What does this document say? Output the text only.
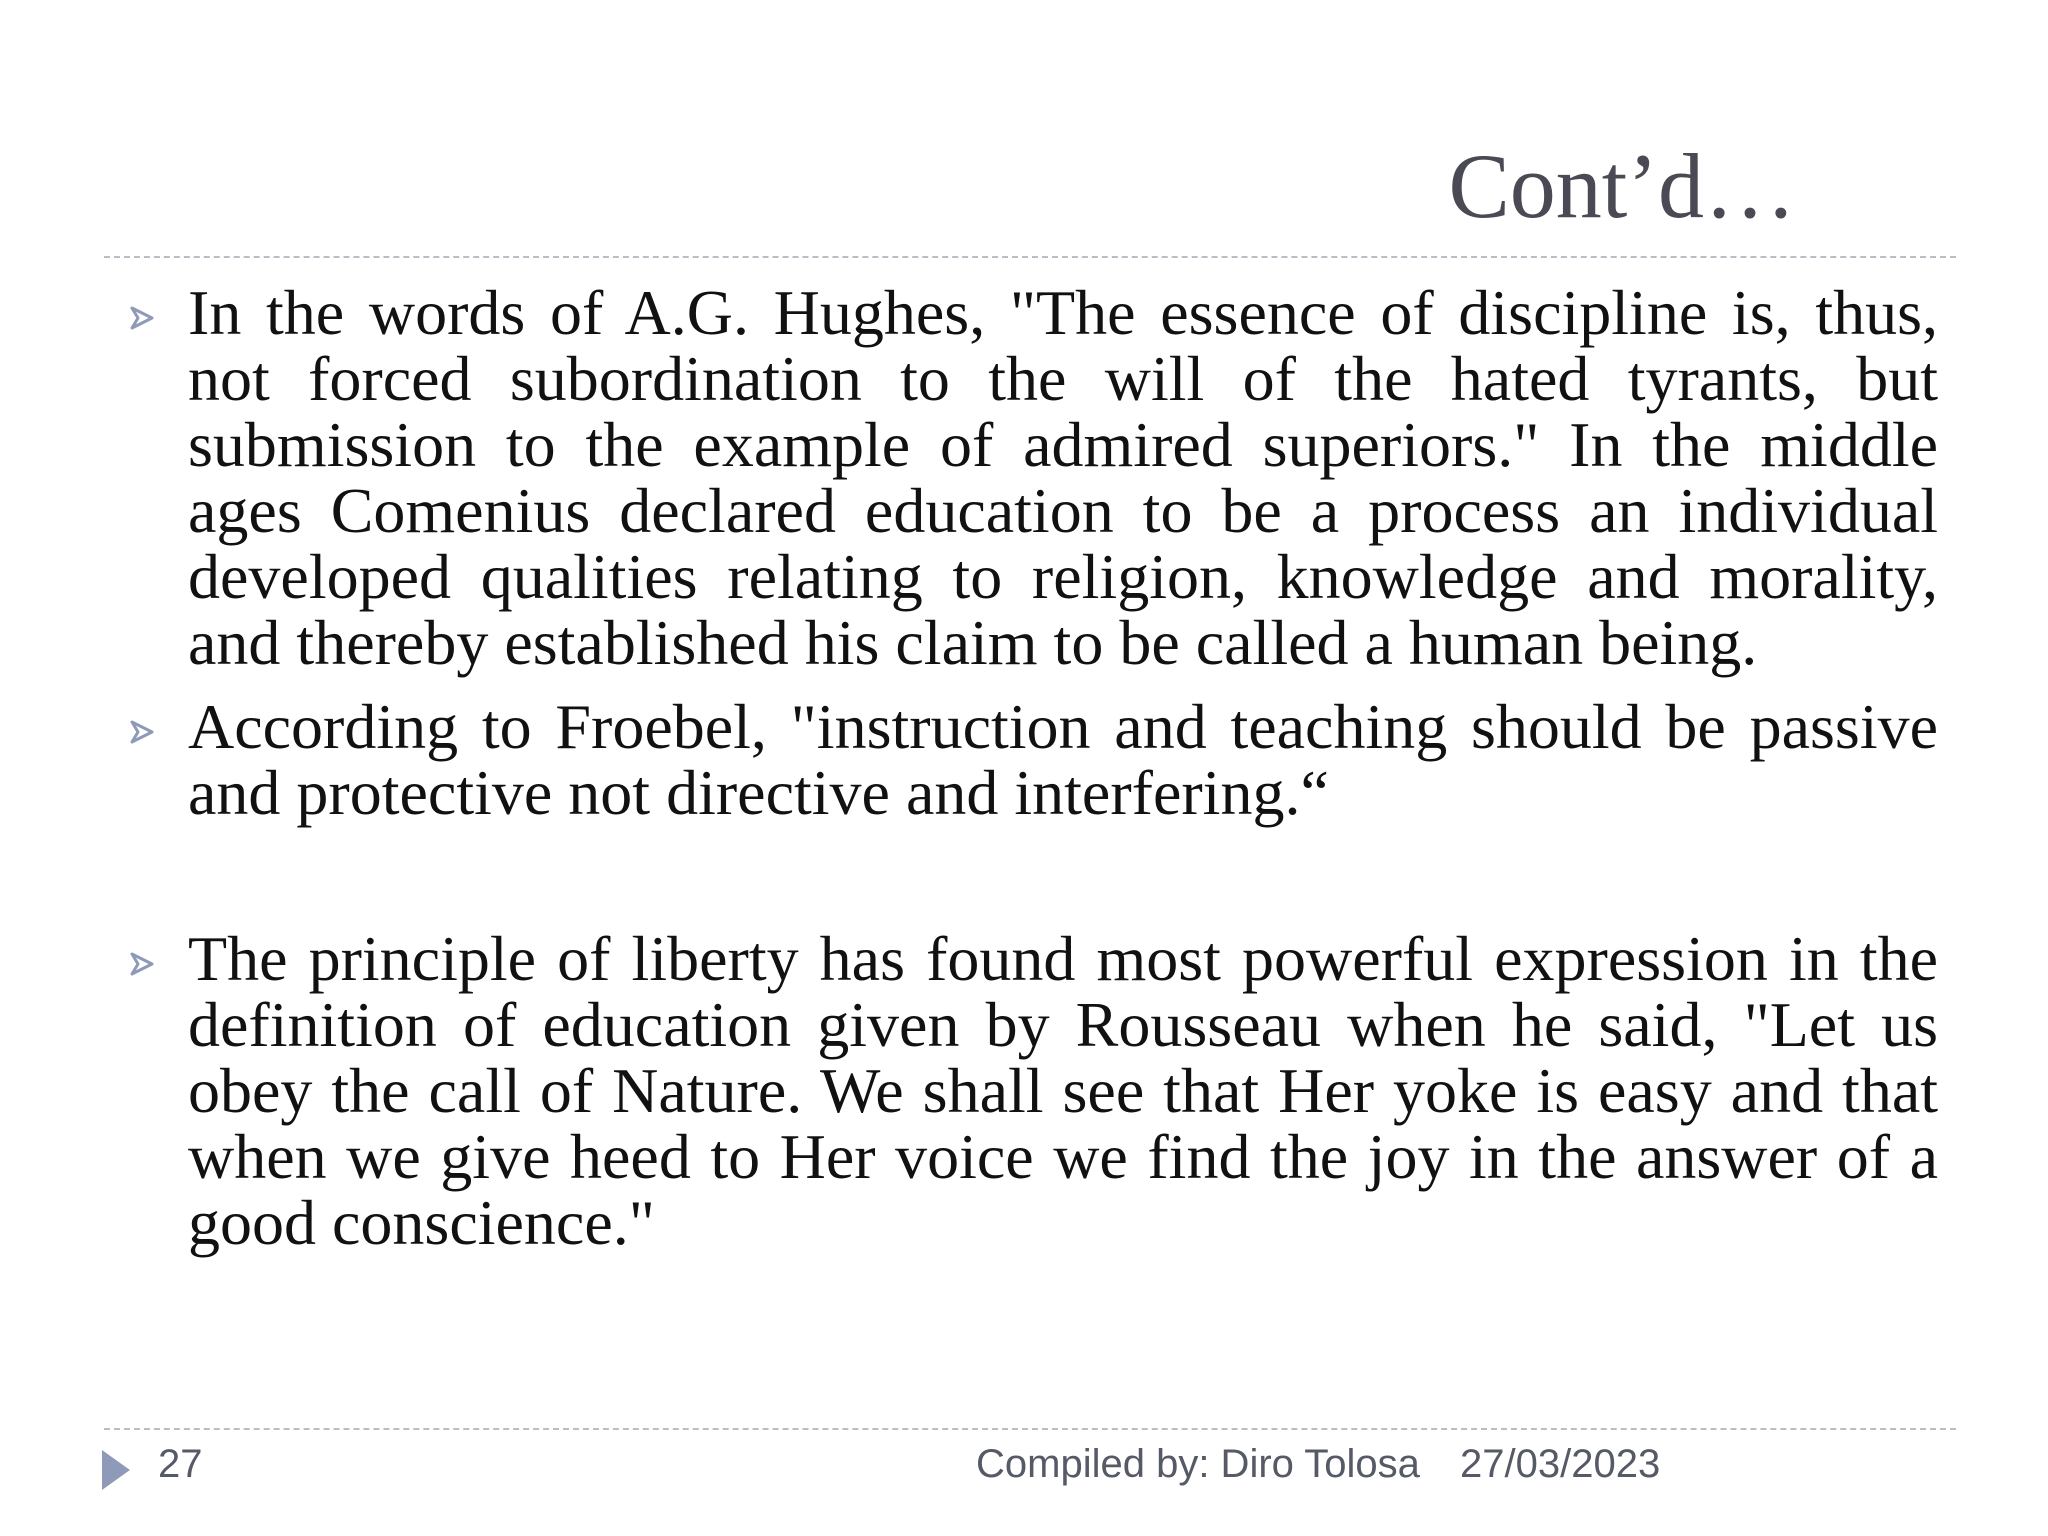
Cont’d…
In the words of A.G. Hughes, "The essence of discipline is, thus, not forced subordination to the will of the hated tyrants, but submission to the example of admired superiors." In the middle ages Comenius declared education to be a process an individual developed qualities relating to religion, knowledge and morality, and thereby established his claim to be called a human being.
According to Froebel, "instruction and teaching should be passive and protective not directive and interfering.“
The principle of liberty has found most powerful expression in the definition of education given by Rousseau when he said, "Let us obey the call of Nature. We shall see that Her yoke is easy and that when we give heed to Her voice we find the joy in the answer of a good conscience."
27	Compiled by: Diro Tolosa 27/03/2023
